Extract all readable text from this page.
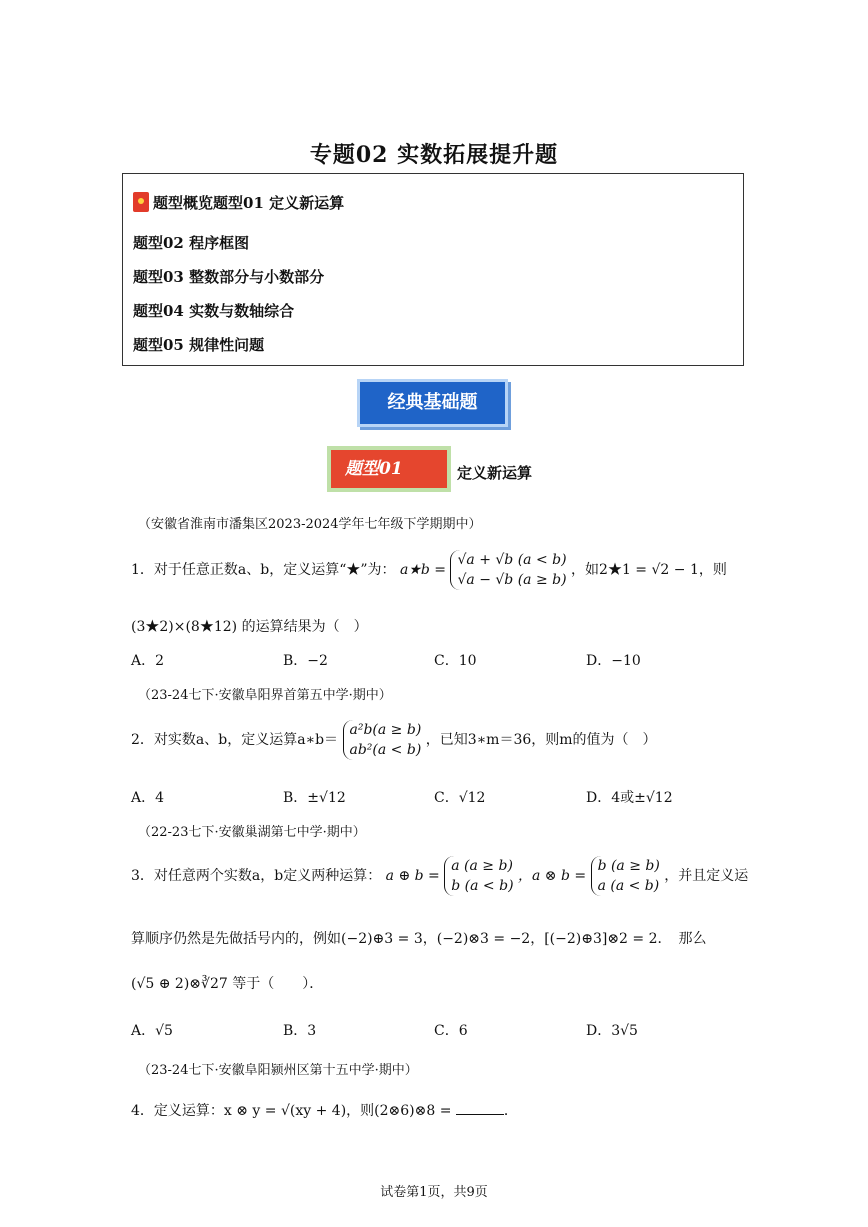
专题02 实数拓展提升题
题型概览题型01 定义新运算
题型02 程序框图
题型03 整数部分与小数部分
题型04 实数与数轴综合
题型05 规律性问题
经典基础题
题型01	定义新运算
（安徽省淮南市潘集区2023-2024学年七年级下学期期中）
1．对于任意正数a、b，定义运算“★”为： a★b = √a + √b (a < b)
√a − √b (a ≥ b) ，如2★1 = √2 − 1，则
(3★2)×(8★12) 的运算结果为（　）
A．2	B．−2	C．10	D．−10
（23-24七下·安徽阜阳界首第五中学·期中）
2．对实数a、b，定义运算a∗b＝ a²b(a ≥ b)
ab²(a < b) ，已知3∗m＝36，则m的值为（　）
A．4	B．±√12	C．√12	D．4或±√12
（22-23七下·安徽巢湖第七中学·期中）
3．对任意两个实数a，b定义两种运算： a ⊕ b = a (a ≥ b)
b (a < b) ，a ⊗ b = b (a ≥ b)
a (a < b) ，并且定义运
算顺序仍然是先做括号内的，例如(−2)⊕3 = 3，(−2)⊗3 = −2，[(−2)⊕3]⊗2 = 2．　那么
(√5 ⊕ 2)⊗∛27 等于（　　）．
A．√5	B．3	C．6	D．3√5
（23-24七下·安徽阜阳颍州区第十五中学·期中）
4．定义运算：x ⊗ y = √(xy + 4)，则(2⊗6)⊗8 =	．
试卷第1页，共9页
